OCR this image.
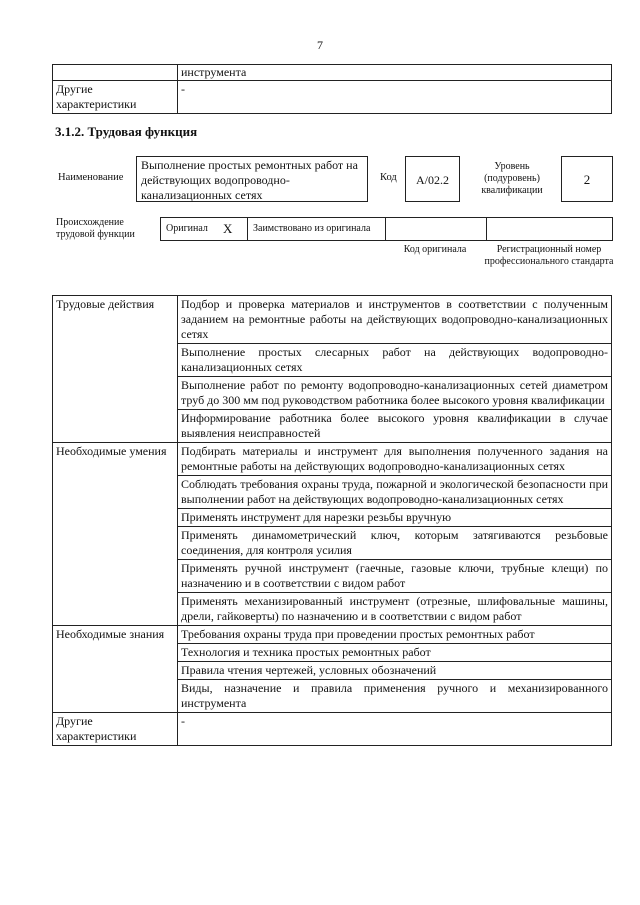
7
	инструмента
Другие характеристики	-
3.1.2. Трудовая функция
Наименование
Выполнение простых ремонтных работ на действующих водопроводно-канализационных сетях
Код	А/02.2
Уровень (подуровень) квалификации
2
Происхождение трудовой функции
Оригинал X Заимствовано из оригинала
Код оригинала	Регистрационный номер профессионального стандарта
Трудовые действия	Подбор и проверка материалов и инструментов в соответствии с полученным заданием на ремонтные работы на действующих водопроводно-канализационных сетях
	Выполнение простых слесарных работ на действующих водопроводно-канализационных сетях
	Выполнение работ по ремонту водопроводно-канализационных сетей диаметром труб до 300 мм под руководством работника более высокого уровня квалификации
	Информирование работника более высокого уровня квалификации в случае выявления неисправностей
Необходимые умения	Подбирать материалы и инструмент для выполнения полученного задания на ремонтные работы на действующих водопроводно-канализационных сетях
	Соблюдать требования охраны труда, пожарной и экологической безопасности при выполнении работ на действующих водопроводно-канализационных сетях
	Применять инструмент для нарезки резьбы вручную
	Применять динамометрический ключ, которым затягиваются резьбовые соединения, для контроля усилия
	Применять ручной инструмент (гаечные, газовые ключи, трубные клещи) по назначению и в соответствии с видом работ
	Применять механизированный инструмент (отрезные, шлифовальные машины, дрели, гайковерты) по назначению и в соответствии с видом работ
Необходимые знания	Требования охраны труда при проведении простых ремонтных работ
	Технология и техника простых ремонтных работ
	Правила чтения чертежей, условных обозначений
	Виды, назначение и правила применения ручного и механизированного инструмента
Другие характеристики	-
